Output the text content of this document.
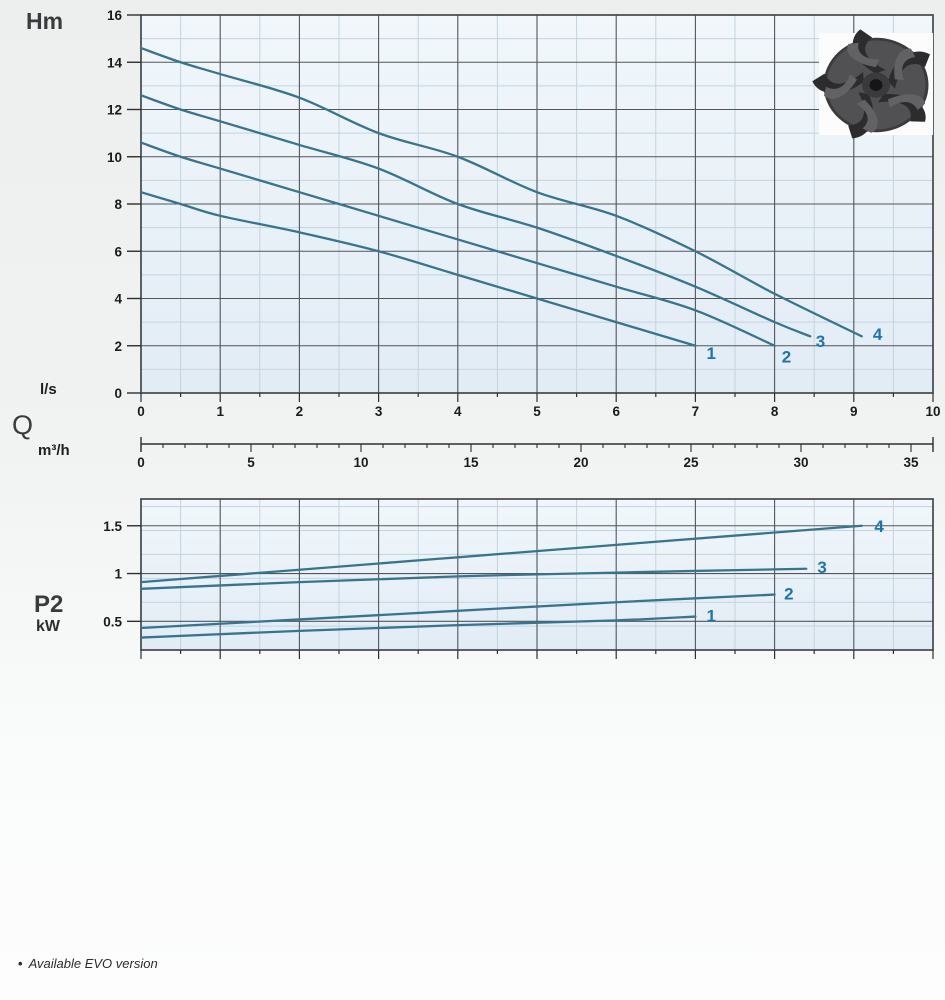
0
2
4
6
8
10
12
14
16
0	1	2	3	4	5	6	7	8	9	10
1	2
3	4
0.5
1
1.5
1
2
3
4
0	5	10	15	20	25	30	35
Hm
l/s
Q
m³/h
P2
kW
• Available EVO version
